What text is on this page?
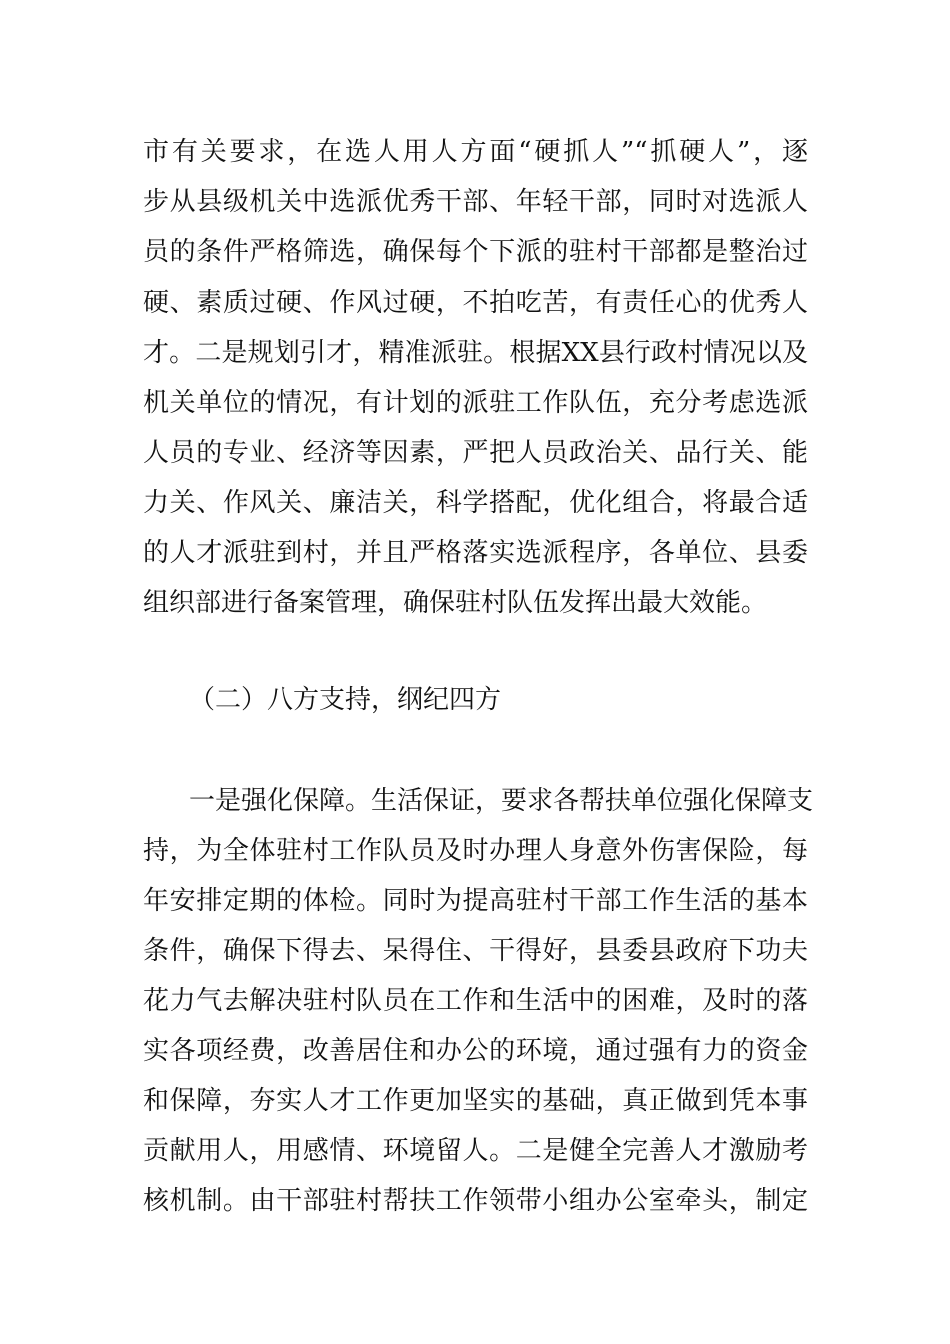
市有关要求，在选人用人方面“硬抓人”“抓硬人”，逐
步从县级机关中选派优秀干部、年轻干部，同时对选派人
员的条件严格筛选，确保每个下派的驻村干部都是整治过
硬、素质过硬、作风过硬，不拍吃苦，有责任心的优秀人
才。二是规划引才，精准派驻。根据XX县行政村情况以及
机关单位的情况，有计划的派驻工作队伍，充分考虑选派
人员的专业、经济等因素，严把人员政治关、品行关、能
力关、作风关、廉洁关，科学搭配，优化组合，将最合适
的人才派驻到村，并且严格落实选派程序，各单位、县委
组织部进行备案管理，确保驻村队伍发挥出最大效能。
（二）八方支持，纲纪四方
一是强化保障。生活保证，要求各帮扶单位强化保障支
持，为全体驻村工作队员及时办理人身意外伤害保险，每
年安排定期的体检。同时为提高驻村干部工作生活的基本
条件，确保下得去、呆得住、干得好，县委县政府下功夫
花力气去解决驻村队员在工作和生活中的困难，及时的落
实各项经费，改善居住和办公的环境，通过强有力的资金
和保障，夯实人才工作更加坚实的基础，真正做到凭本事
贡献用人，用感情、环境留人。二是健全完善人才激励考
核机制。由干部驻村帮扶工作领带小组办公室牵头，制定
